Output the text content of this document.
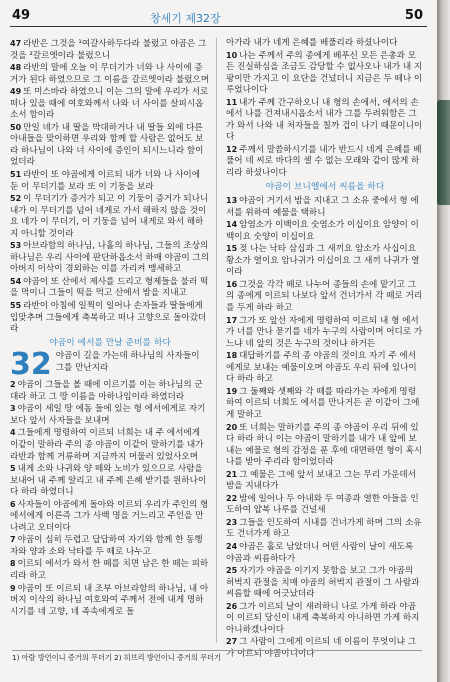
49	창세기 제32장	50
47 라반은 그것을 ¹여갈사하두다라 불렀고 야곱은 그것을 ²갈르엣이라 불렀으니
48 라반의 말에 오늘 이 무더기가 너와 나 사이에 증거가 된다 하였으므로 그 이름을 갈르엣이라 불렀으며
49 또 미스바라 하였으니 이는 그의 말에 우리가 서로 떠나 있을 때에 여호와께서 나와 너 사이를 살피시옵소서 함이라
50 만일 네가 내 딸을 박대하거나 내 딸들 외에 다른 아내들을 맞이하면 우리와 함께 할 사람은 없어도 보라 하나님이 나와 너 사이에 증인이 되시느니라 함이었더라
51 라반이 또 야곱에게 이르되 내가 너와 나 사이에 둔 이 무더기를 보라 또 이 기둥을 보라
52 이 무더기가 증거가 되고 이 기둥이 증거가 되나니 내가 이 무더기를 넘어 네게로 가서 해하지 않을 것이요 네가 이 무더기, 이 기둥을 넘어 내게로 와서 해하지 아니할 것이라
53 아브라함의 하나님, 나홀의 하나님, 그들의 조상의 하나님은 우리 사이에 판단하옵소서 하매 야곱이 그의 아버지 이삭이 경외하는 이를 가리켜 맹세하고
54 야곱이 또 산에서 제사를 드리고 형제들을 불러 떡을 먹이니 그들이 떡을 먹고 산에서 밤을 지내고
55 라반이 아침에 일찍이 일어나 손자들과 딸들에게 입맞추며 그들에게 축복하고 떠나 고향으로 돌아갔더라
야곱이 에서를 만날 준비를 하다
32 야곱이 길을 가는데 하나님의 사자들이 그를 만난지라
2 야곱이 그들을 볼 때에 이르기를 이는 하나님의 군대라 하고 그 땅 이름을 마하나임이라 하였더라
3 야곱이 세일 땅 에돔 들에 있는 형 에서에게로 자기보다 앞서 사자들을 보내며
4 그들에게 명령하여 이르되 너희는 내 주 에서에게 이같이 말하라 주의 종 야곱이 이같이 말하기를 내가 라반과 함께 거류하며 지금까지 머물러 있었사오며
5 내게 소와 나귀와 양 떼와 노비가 있으므로 사람을 보내어 내 주께 알리고 내 주께 은혜 받기를 원하나이다 하라 하였더니
6 사자들이 야곱에게 돌아와 이르되 우리가 주인의 형 에서에게 이른즉 그가 사백 명을 거느리고 주인을 만나려고 오더이다
7 야곱이 심히 두렵고 답답하여 자기와 함께 한 동행자와 양과 소와 낙타를 두 떼로 나누고
8 이르되 에서가 와서 한 떼를 치면 남은 한 떼는 피하리라 하고
9 야곱이 또 이르되 내 조부 아브라함의 하나님, 내 아버지 이삭의 하나님 여호와여 주께서 전에 내게 명하시기를 네 고향, 네 족속에게로 돌
아가라 내가 네게 은혜를 베풀리라 하셨나이다
10 나는 주께서 주의 종에게 베푸신 모든 은총과 모든 진실하심을 조금도 감당할 수 없사오나 내가 내 지팡이만 가지고 이 요단을 건넜더니 지금은 두 떼나 이루었나이다
11 내가 주께 간구하오니 내 형의 손에서, 에서의 손에서 나를 건져내시옵소서 내가 그를 두려워함은 그가 와서 나와 내 처자들을 칠까 겁이 나기 때문이니이다
12 주께서 말씀하시기를 내가 반드시 네게 은혜를 베풀어 네 씨로 바다의 셀 수 없는 모래와 같이 많게 하리라 하셨나이다
야곱이 브니엘에서 씨름을 하다
13 야곱이 거기서 밤을 지내고 그 소유 중에서 형 에서를 위하여 예물을 택하니
14 암염소가 이백이요 숫염소가 이십이요 암양이 이백이요 숫양이 이십이요
15 젖 나는 낙타 삼십과 그 새끼요 암소가 사십이요 황소가 열이요 암나귀가 이십이요 그 새끼 나귀가 열이라
16 그것을 각각 떼로 나누어 종들의 손에 맡기고 그의 종에게 이르되 나보다 앞서 건너가서 각 떼로 거리를 두게 하라 하고
17 그가 또 앞선 자에게 명령하여 이르되 내 형 에서가 너를 만나 묻기를 네가 누구의 사람이며 어디로 가느냐 네 앞의 것은 누구의 것이냐 하거든
18 대답하기를 주의 종 야곱의 것이요 자기 주 에서에게로 보내는 예물이오며 야곱도 우리 뒤에 있나이다 하라 하고
19 그 둘째와 셋째와 각 떼를 따라가는 자에게 명령하여 이르되 너희도 에서를 만나거든 곧 이같이 그에게 말하고
20 또 너희는 말하기를 주의 종 야곱이 우리 뒤에 있다 하라 하니 이는 야곱이 말하기를 내가 내 앞에 보내는 예물로 형의 감정을 푼 후에 대면하면 형이 혹시 나를 받아 주리라 함이었더라
21 그 예물은 그에 앞서 보내고 그는 무리 가운데서 밤을 지내다가
22 밤에 일어나 두 아내와 두 여종과 열한 아들을 인도하여 얍복 나루를 건널새
23 그들을 인도하여 시내를 건너가게 하며 그의 소유도 건너가게 하고
24 야곱은 홀로 남았더니 어떤 사람이 날이 새도록 야곱과 씨름하다가
25 자기가 야곱을 이기지 못함을 보고 그가 야곱의 허벅지 관절을 치매 야곱의 허벅지 관절이 그 사람과 씨름할 때에 어긋났더라
26 그가 이르되 날이 새려하니 나로 가게 하라 야곱이 이르되 당신이 내게 축복하지 아니하면 가게 하지 아니하겠나이다
27 그 사람이 그에게 이르되 네 이름이 무엇이냐 그가 이르되 야곱이니이다
1) 아람 방언이니 증거의 무더기 2) 히브리 방언이니 증거의 무더기
